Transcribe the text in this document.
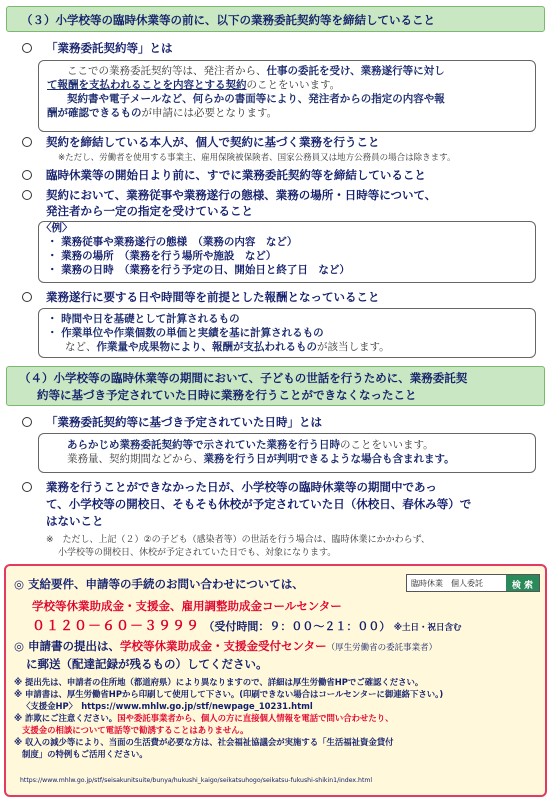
（３）小学校等の臨時休業等の前に、以下の業務委託契約等を締結していること
「業務委託契約等」とは
ここでの業務委託契約等は、発注者から、仕事の委託を受け、業務遂行等に対し
て報酬を支払われることを内容とする契約のことをいいます。
契約書や電子メールなど、何らかの書面等により、発注者からの指定の内容や報
酬が確認できるものが申請には必要となります。
契約を締結している本人が、個人で契約に基づく業務を行うこと
※ただし、労働者を使用する事業主、雇用保険被保険者、国家公務員又は地方公務員の場合は除きます。
臨時休業等の開始日より前に、すでに業務委託契約等を締結していること
契約において、業務従事や業務遂行の態様、業務の場所・日時等について、
発注者から一定の指定を受けていること
〈例〉
・ 業務従事や業務遂行の態様　（業務の内容　など）
・ 業務の場所　（業務を行う場所や施設　など）
・ 業務の日時　（業務を行う予定の日、開始日と終了日　など）
業務遂行に要する日や時間等を前提とした報酬となっていること
・ 時間や日を基礎として計算されるもの
・ 作業単位や作業個数の単価と実績を基に計算されるもの
など、作業量や成果物により、報酬が支払われるものが該当します。
（４）小学校等の臨時休業等の期間において、子どもの世話を行うために、業務委託契
約等に基づき予定されていた日時に業務を行うことができなくなったこと
「業務委託契約等に基づき予定されていた日時」とは
あらかじめ業務委託契約等で示されていた業務を行う日時のことをいいます。
業務量、契約期間などから、業務を行う日が判明できるような場合も含まれます。
業務を行うことができなかった日が、小学校等の臨時休業等の期間中であっ
て、小学校等の開校日、そもそも休校が予定されていた日（休校日、春休み等）で
はないこと
※　ただし、上記（２）②の子ども（感染者等）の世話を行う場合は、臨時休業にかかわらず、
小学校等の開校日、休校が予定されていた日でも、対象になります。
◎ 支給要件、申請等の手続のお問い合わせについては、	臨時休業　個人委託	検 索
学校等休業助成金・支援金、雇用調整助成金コールセンター
０１２０－６０－３９９９ （受付時間：９：００～２１：００） ※土日・祝日含む
◎ 申請書の提出は、学校等休業助成金・支援金受付センター（厚生労働省の委託事業者）
に郵送（配達記録が残るもの）してください。
※ 提出先は、申請者の住所地（都道府県）により異なりますので、詳細は厚生労働省HPでご確認ください。
※ 申請書は、厚生労働省HPから印刷して使用して下さい。(印刷できない場合はコールセンターに御連絡下さい。)
〈支援金HP〉　https://www.mhlw.go.jp/stf/newpage_10231.html
※ 詐欺にご注意ください。国や委託事業者から、個人の方に直接個人情報を電話で問い合わせたり、
支援金の相談について電話等で勧誘することはありません。
※ 収入の減少等により、当面の生活費が必要な方は、社会福祉協議会が実施する「生活福祉資金貸付
制度」の特例もご活用ください。
https://www.mhlw.go.jp/stf/seisakunitsuite/bunya/hukushi_kaigo/seikatsuhogo/seikatsu-fukushi-shikin1/index.html
